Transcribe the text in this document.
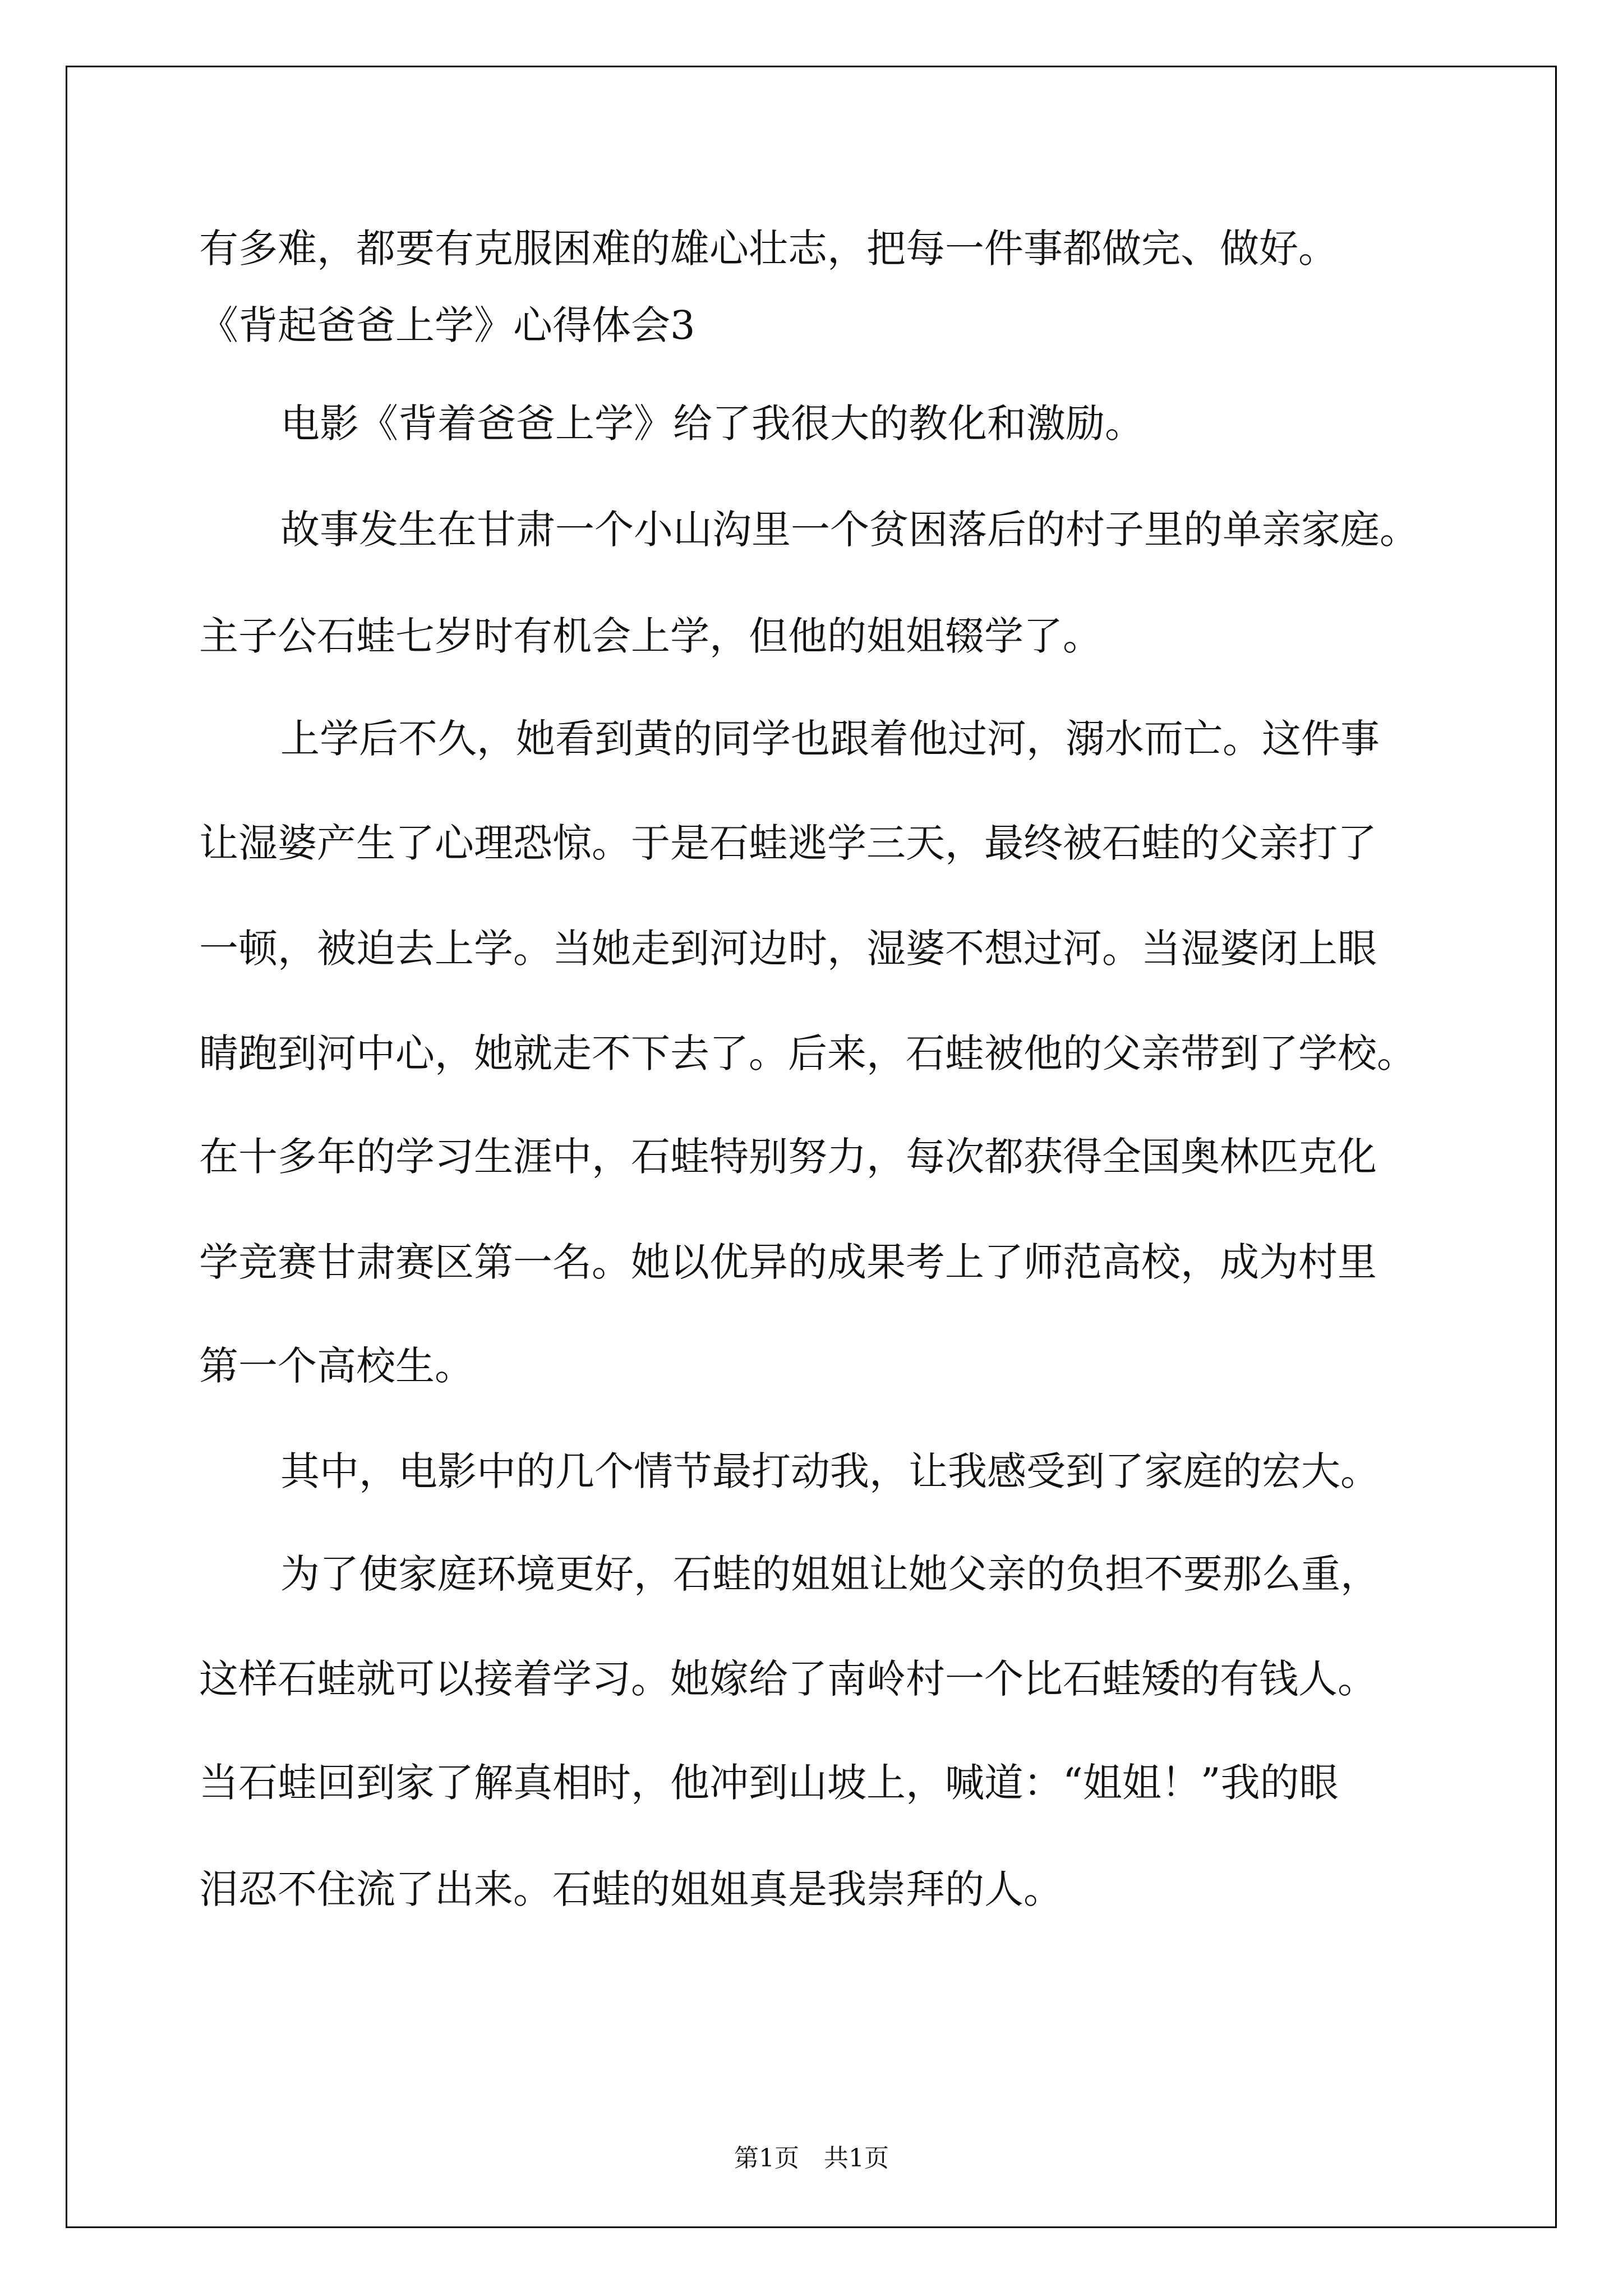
有多难，都要有克服困难的雄心壮志，把每一件事都做完、做好。
《背起爸爸上学》心得体会3
电影《背着爸爸上学》给了我很大的教化和激励。
故事发生在甘肃一个小山沟里一个贫困落后的村子里的单亲家庭。
主子公石蛙七岁时有机会上学，但他的姐姐辍学了。
上学后不久，她看到黄的同学也跟着他过河，溺水而亡。这件事
让湿婆产生了心理恐惊。于是石蛙逃学三天，最终被石蛙的父亲打了
一顿，被迫去上学。当她走到河边时，湿婆不想过河。当湿婆闭上眼
睛跑到河中心，她就走不下去了。后来，石蛙被他的父亲带到了学校。
在十多年的学习生涯中，石蛙特别努力，每次都获得全国奥林匹克化
学竞赛甘肃赛区第一名。她以优异的成果考上了师范高校，成为村里
第一个高校生。
其中，电影中的几个情节最打动我，让我感受到了家庭的宏大。
为了使家庭环境更好，石蛙的姐姐让她父亲的负担不要那么重，
这样石蛙就可以接着学习。她嫁给了南岭村一个比石蛙矮的有钱人。
当石蛙回到家了解真相时，他冲到山坡上，喊道：“姐姐！”我的眼
泪忍不住流了出来。石蛙的姐姐真是我崇拜的人。
第1页　共1页
